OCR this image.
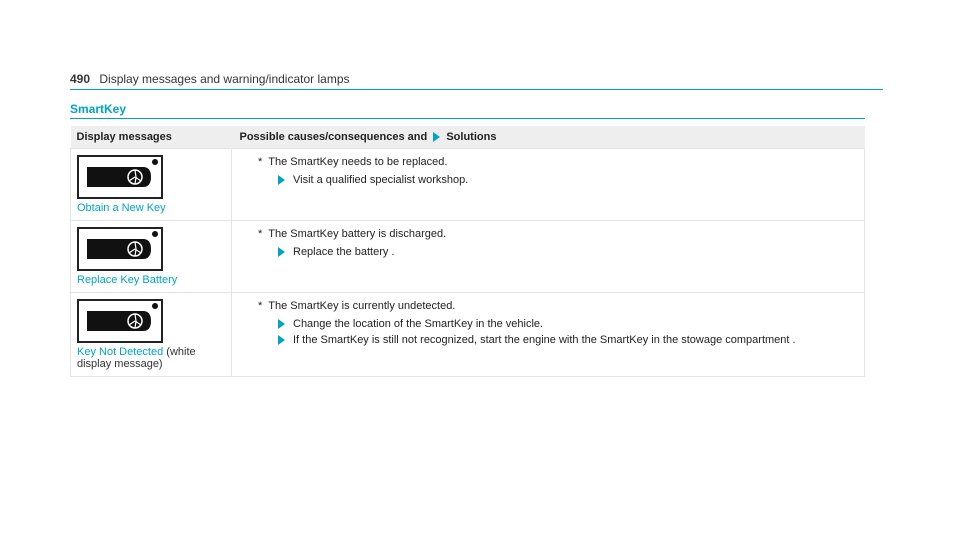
490 Display messages and warning/indicator lamps
SmartKey
Display messages	Possible causes/consequences and Solutions

Obtain a New Key	* The SmartKey needs to be replaced.
Visit a qualified specialist workshop.

Replace Key Battery	* The SmartKey battery is discharged.
Replace the battery .

Key Not Detected (white display message)	* The SmartKey is currently undetected.
Change the location of the SmartKey in the vehicle.
If the SmartKey is still not recognized, start the engine with the SmartKey in the stowage compartment .
